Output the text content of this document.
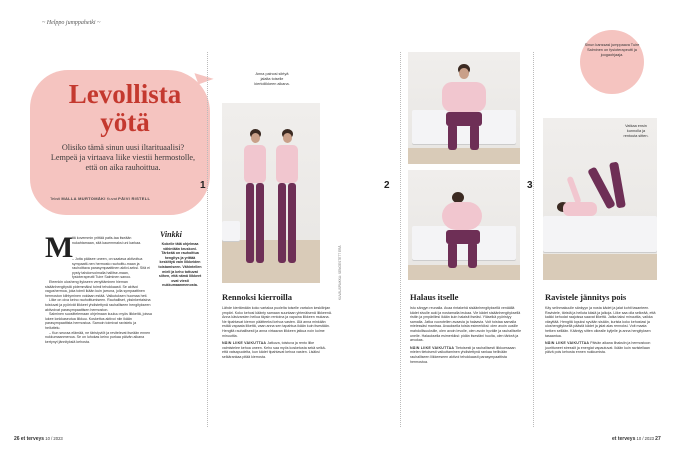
~ Helppo jumppahetki ~
Levollista yötä
Olisiko tämä sinun uusi iltarituaalisi? Lempeä ja virtaava liike viestii hermostolle, että on aika rauhoittua.
Teksti MALLA MURTOMÄKI Kuvat PÄIVI RISTELL
M
itä kovemmin yrittää patis-taa itseään nukahtamaan, sitä kauemmaksi uni karkaa.

– Jotta pääsee uneen, on saatava aktivoitua sympaatti-nen hermosto rauhoittu-maan ja rauhoittava parasympaattinen aktivi-seksi. Sitä ei pysty tahdonvoimalla hallitse-maan, fysioterapeutti Tuire Salminen sanoo.

Eteenkin ulosheng itykseen venyttäminen hieman sisäänhengitystä pidemmäksi toimii tehokkaasti. Se aktivoi vagushermoa, joka toimii ikään kuin jarruna, jolla sympaattinen hermoston kiihtyminen voidaan estää. Vaikutuksen huomaa heti.

Liike on oiva keino rauhoittumiseen. Rauhalliset, yksinkertaisina toistuvat ja pyörivät liikkeet yhdistettynä rauhalliseen hengitykseen aktivoivat parasympaattisen hermoston.

Salminen suosittelemaan ohjelmaan kuuluu myös liikkeitä, joissa lukee lonkkaseutua liikkuu. Koskettus aktivoi niin ikään parasympaattista hermostoa. Samoin toimivat ravistelu ja heiluttelu.

– Kun seuraa elämää, ne täristyviöt ja revitelevat itseään ennen nukkumaanmenoa. Se on luhokas keino purkaa päivän aikana kertynyt jännityksiä kehosta.

Vinkki
Kokeile tätä ohjelmaa vähintään kruskoni. Tärkeää on rauhoittua hengitys ja yrittää keskittyä vain liikkeiden toistamiseen. Vähintellen mieli ja keho tottuvat siihen, että nämä liikkeet ovat viesti nukkumaanmenosta.
1
Anna painosi siirtyä jalalta toiselle kiertoliikkeen aikana.
Rennoksi kierroilla

Lähde kiertämään koko vartaloa puolelta toiselle vartalon keskilinjan ympäri. Koko kehosi käänty samaan suuntaan yhtenäisenä liikkeenä. Anna käsivarsien heilua täysin rentoina ja vapaina liikkeen mukana. Ne tipahtavat kierron päätteeksi kehoa vasten. Älä anna minkään estää vapaata liikettä, vaan anna sen tapahtua ikään kuin itsestään. Hengitä rauhallisesti ja anna virtaavan liikkeen jatkua noin kolme minuuttia.

NÄIN LIIKE VAIKUTTAA Jatkuva, toistuva ja rento liike valmistelee kehoa uneen. Keho saa myös kosketusta sekä selkä- että vatsapuolelta, kun kädet tipahtavat kehoa vasten. Lisäksi selkärankaa pitää kierrosta.

KUVAUSPAIKKA: SENGESTETT ERÄ
2
Halaus itselle

Istu sängyn reunalla. Avaa rintakehä sisäänhengityksellä venäällä kädet sivulle auki ja nostamalla leukaa. Vie kädet sisäänhengityksellä ristiin ja ympärillesi ikään kuin halaisit itseäsi. Yläselkä pyöristyy samalla. Jatka vuorotellen avaavia ja halaavia. Voit toistaa samalla mielessäsi mantraa. Avauksella toista esimerkiksi: olen avoin uusille mahdollisuuksille, olen avoin levolle, olen avoin hyvälle ja rauhalliselle unelle. Halauksella esimerkiksi: pidän itsestäni huolta, olen tärkeä ja arvokas.

NÄIN LIIKE VAIKUTTAA Tietoisesti ja rauhallisesti liikkuessaan mielen tietoisesti vaikuttaminen yhdistettynä rankaa hellivään rauhalliseen liikkeeseen aktivoi tehokkaasti parasympaattista hermostoa.

Sinun kanssasi jumppaava Tuire Salminen on fysioterapeutti ja joogaohjaaja.
3
Vatkaa ensin kunnolla ja rentouta sitten.
Ravistele jännitys pois

Käy selinmakuulle sänkyyn ja nosta kädet ja jalat kohti tasanteen. Ravistele, täristä ja heiluta käsiä ja jalkoja. Liike saa olla selkeää, että kaikki kehodat raajoissa saavat liikettä. Jatka taksi minuuttia, vaikka väsyttää. Hengitä lopuksi syvään sisään, kurista koko kehostasi ja uloshengityksellä päästä kädet ja jalat alas rennoksi. Voit maata hetken sellään. Kääntyy sitten oikealle kyljelle ja anna hengityksen tasaantua.

NÄIN LIIKE VAIKUTTAA Päivän aikana lihaksiin ja hermostoon juurittuneet stressiit ja energiat vapautuvat. Ikään kuin ravistellaan päivä pois kehosta ennen nukkumista.

26 et terveys 10 / 2023	et terveys 10 / 2023 27
